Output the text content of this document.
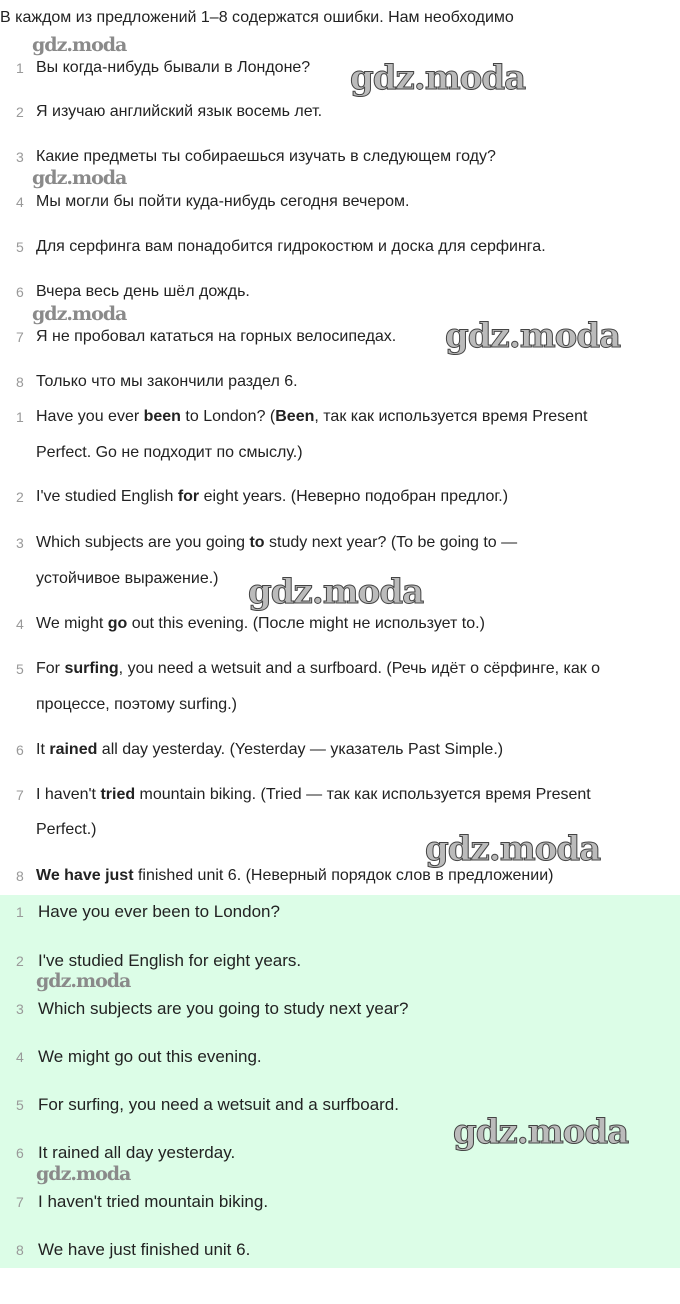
В каждом из предложений 1–8 содержатся ошибки. Нам необходимо
1 Вы когда-нибудь бывали в Лондоне?
2 Я изучаю английский язык восемь лет.
3 Какие предметы ты собираешься изучать в следующем году?
4 Мы могли бы пойти куда-нибудь сегодня вечером.
5 Для серфинга вам понадобится гидрокостюм и доска для серфинга.
6 Вчера весь день шёл дождь.
7 Я не пробовал кататься на горных велосипедах.
8 Только что мы закончили раздел 6.
1 Have you ever been to London? (Been, так как используется время Present
Perfect. Go не подходит по смыслу.)
2 I've studied English for eight years. (Неверно подобран предлог.)
3 Which subjects are you going to study next year? (To be going to —
устойчивое выражение.)
4 We might go out this evening. (После might не использует to.)
5 For surfing, you need a wetsuit and a surfboard. (Речь идёт о сёрфинге, как о
процессе, поэтому surfing.)
6 It rained all day yesterday. (Yesterday — указатель Past Simple.)
7 I haven't tried mountain biking. (Tried — так как используется время Present
Perfect.)
8 We have just finished unit 6. (Неверный порядок слов в предложении)
1 Have you ever been to London?
2 I've studied English for eight years.
3 Which subjects are you going to study next year?
4 We might go out this evening.
5 For surfing, you need a wetsuit and a surfboard.
6 It rained all day yesterday.
7 I haven't tried mountain biking.
8 We have just finished unit 6.
gdz.moda
gdz.moda
gdz.moda
gdz.moda
gdz.moda
gdz.moda
gdz.moda
gdz.moda
gdz.moda
gdz.moda
